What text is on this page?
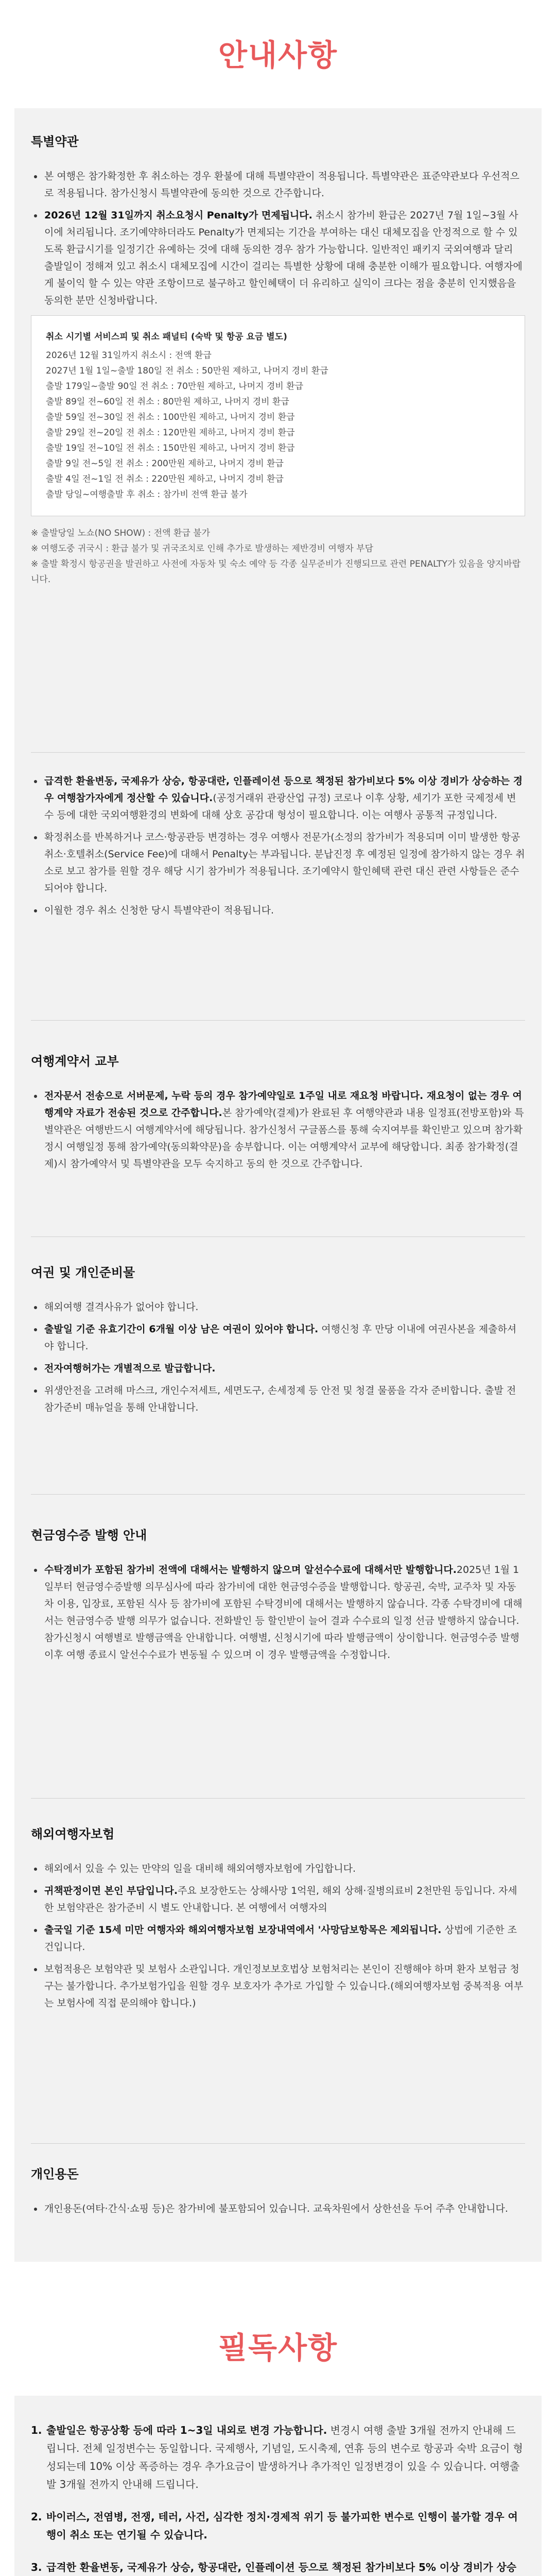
안내사항
특별약관
본 여행은 참가확정한 후 취소하는 경우 환불에 대해 특별약관이 적용됩니다. 특별약관은 표준약관보다 우선적으로 적용됩니다. 참가신청시 특별약관에 동의한 것으로 간주합니다.
2026년 12월 31일까지 취소요청시 Penalty가 면제됩니다. 취소시 참가비 환급은 2027년 7월 1일~3월 사이에 처리됩니다. 조기예약하더라도 Penalty가 면제되는 기간을 부여하는 대신 대체모집을 안정적으로 할 수 있도록 환급시기를 일정기간 유예하는 것에 대해 동의한 경우 참가 가능합니다. 일반적인 패키지 국외여행과 달리 출발일이 정해져 있고 취소시 대체모집에 시간이 걸리는 특별한 상황에 대해 충분한 이해가 필요합니다. 여행자에게 불이익 할 수 있는 약관 조항이므로 불구하고 할인혜택이 더 유리하고 실익이 크다는 점을 충분히 인지했음을 동의한 분만 신청바랍니다.
취소 시기별 서비스피 및 취소 패널티 (숙박 및 항공 요금 별도)
2026년 12월 31일까지 취소시 : 전액 환급
2027년 1월 1일~출발 180일 전 취소 : 50만원 제하고, 나머지 경비 환급
출발 179일~출발 90일 전 취소 : 70만원 제하고, 나머지 경비 환급
출발 89일 전~60일 전 취소 : 80만원 제하고, 나머지 경비 환급
출발 59일 전~30일 전 취소 : 100만원 제하고, 나머지 경비 환급
출발 29일 전~20일 전 취소 : 120만원 제하고, 나머지 경비 환급
출발 19일 전~10일 전 취소 : 150만원 제하고, 나머지 경비 환급
출발 9일 전~5일 전 취소 : 200만원 제하고, 나머지 경비 환급
출발 4일 전~1일 전 취소 : 220만원 제하고, 나머지 경비 환급
출발 당일~여행출발 후 취소 : 참가비 전액 환급 불가
※ 출발당일 노쇼(NO SHOW) : 전액 환급 불가
※ 여행도중 귀국시 : 환급 불가 및 귀국조치로 인해 추가로 발생하는 제반경비 여행자 부담
※ 출발 확정시 항공권을 발권하고 사전에 자동차 및 숙소 예약 등 각종 실무준비가 진행되므로 관련 PENALTY가 있음을 양지바랍니다.
급격한 환율변동, 국제유가 상승, 항공대란, 인플레이션 등으로 책정된 참가비보다 5% 이상 경비가 상승하는 경우 여행참가자에게 정산할 수 있습니다.(공정거래위 관광산업 규정) 코로나 이후 상황, 세기가 포한 국제정세 변수 등에 대한 국외여행환경의 변화에 대해 상호 공감대 형성이 필요합니다. 이는 여행사 공통적 규정입니다.
확정취소를 반복하거나 코스·항공관등 변경하는 경우 여행사 전문가(소정의 참가비가 적용되며 이미 발생한 항공취소·호텔취소(Service Fee)에 대해서 Penalty는 부과됩니다. 분납진정 후 예정된 일정에 참가하지 않는 경우 취소로 보고 참가를 원할 경우 해당 시기 참가비가 적용됩니다. 조기예약시 할인혜택 관련 대신 관련 사항들은 준수되어야 합니다.
이월한 경우 취소 신청한 당시 특별약관이 적용됩니다.
여행계약서 교부
전자문서 전송으로 서버문제, 누락 등의 경우 참가예약일로 1주일 내로 재요청 바랍니다. 재요청이 없는 경우 여행계약 자료가 전송된 것으로 간주합니다.본 참가예약(결제)가 완료된 후 여행약관과 내용 일정표(전방포함)와 특별약관은 여행반드시 여행계약서에 해당됩니다. 참가신청서 구글폼스를 통해 숙지여부를 확인받고 있으며 참가확정시 여행일정 통해 참가예약(동의확약문)을 송부합니다. 이는 여행계약서 교부에 해당합니다. 최종 참가확정(결제)시 참가예약서 및 특별약관을 모두 숙지하고 동의 한 것으로 간주합니다.
여권 및 개인준비물
해외여행 결격사유가 없어야 합니다.
출발일 기준 유효기간이 6개월 이상 남은 여권이 있어야 합니다. 여행신청 후 만당 이내에 여권사본을 제출하셔야 합니다.
전자여행허가는 개별적으로 발급합니다.
위생안전을 고려해 마스크, 개인수저세트, 세면도구, 손세정제 등 안전 및 청결 물품을 각자 준비합니다. 출발 전 참가준비 매뉴얼을 통해 안내합니다.
현금영수증 발행 안내
수탁경비가 포함된 참가비 전액에 대해서는 발행하지 않으며 알선수수료에 대해서만 발행합니다.2025년 1월 1일부터 현금영수증발행 의무심사에 따라 참가비에 대한 현금영수증을 발행합니다. 항공권, 숙박, 교주차 및 자동차 이용, 입장료, 포함된 식사 등 참가비에 포함된 수탁경비에 대해서는 발행하지 않습니다. 각종 수탁경비에 대해서는 현금영수증 발행 의무가 없습니다. 전화발인 등 할인받이 늘어 결과 수수료의 일정 선금 발행하지 않습니다. 참가신청시 여행별로 발행금액을 안내합니다. 여행별, 신청시기에 따라 발행금액이 상이합니다. 현금영수증 발행 이후 여행 종료시 알선수수료가 변동될 수 있으며 이 경우 발행금액을 수정합니다.
해외여행자보험
해외에서 있을 수 있는 만약의 일을 대비해 해외여행자보험에 가입합니다.
귀책판정이면 본인 부담입니다.주요 보장한도는 상해사망 1억원, 해외 상해·질병의료비 2천만원 등입니다. 자세한 보험약관은 참가준비 시 별도 안내합니다. 본 여행에서 여행자의
출국일 기준 15세 미만 여행자와 해외여행자보험 보장내역에서 '사망담보항목은 제외됩니다. 상법에 기준한 조건입니다.
보험적용은 보험약관 및 보험사 소관입니다. 개인정보보호법상 보험처리는 본인이 진행해야 하며 환자 보험금 청구는 불가합니다. 추가보험가입을 원할 경우 보호자가 추가로 가입할 수 있습니다.(해외여행자보험 중복적용 여부는 보험사에 직접 문의해야 합니다.)
개인용돈
개인용돈(여타·간식·쇼핑 등)은 참가비에 불포함되어 있습니다. 교육차원에서 상한선을 두어 주추 안내합니다.
필독사항
1. 출발일은 항공상황 등에 따라 1~3일 내외로 변경 가능합니다. 변경시 여행 출발 3개월 전까지 안내해 드립니다. 전체 일정변수는 동일합니다. 국제행사, 기념일, 도시축제, 연휴 등의 변수로 항공과 숙박 요금이 형성되는데 10% 이상 폭증하는 경우 추가요금이 발생하거나 추가적인 일정변경이 있을 수 있습니다. 여행출발 3개월 전까지 안내해 드립니다.
2. 바이러스, 전염병, 전쟁, 테러, 사건, 심각한 정치·경제적 위기 등 불가피한 변수로 인행이 불가할 경우 여행이 취소 또는 연기될 수 있습니다.
3. 급격한 환율변동, 국제유가 상승, 항공대란, 인플레이션 등으로 책정된 참가비보다 5% 이상 경비가 상승
